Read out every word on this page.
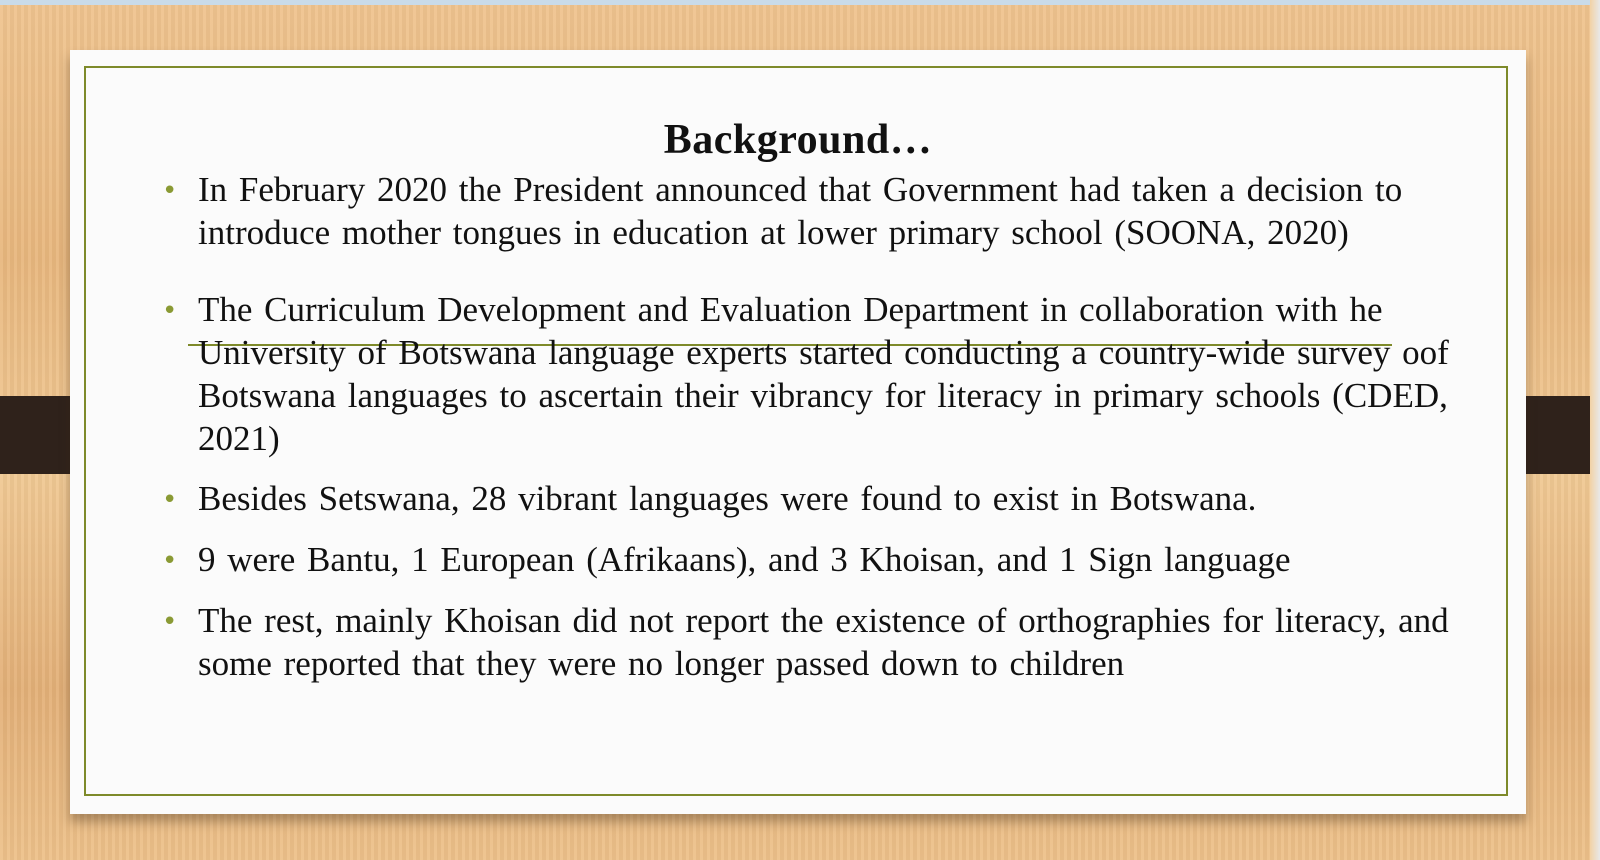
Background…
• In February 2020 the President announced that Government had taken a decision to introduce mother tongues in education at lower primary school (SOONA, 2020)
• The Curriculum Development and Evaluation Department in collaboration with he University of Botswana language experts started conducting a country-wide survey oof Botswana languages to ascertain their vibrancy for literacy in primary schools (CDED, 2021)
• Besides Setswana, 28 vibrant languages were found to exist in Botswana.
• 9 were Bantu, 1 European (Afrikaans), and 3 Khoisan, and 1 Sign language
• The rest, mainly Khoisan did not report the existence of orthographies for literacy, and some reported that they were no longer passed down to children
